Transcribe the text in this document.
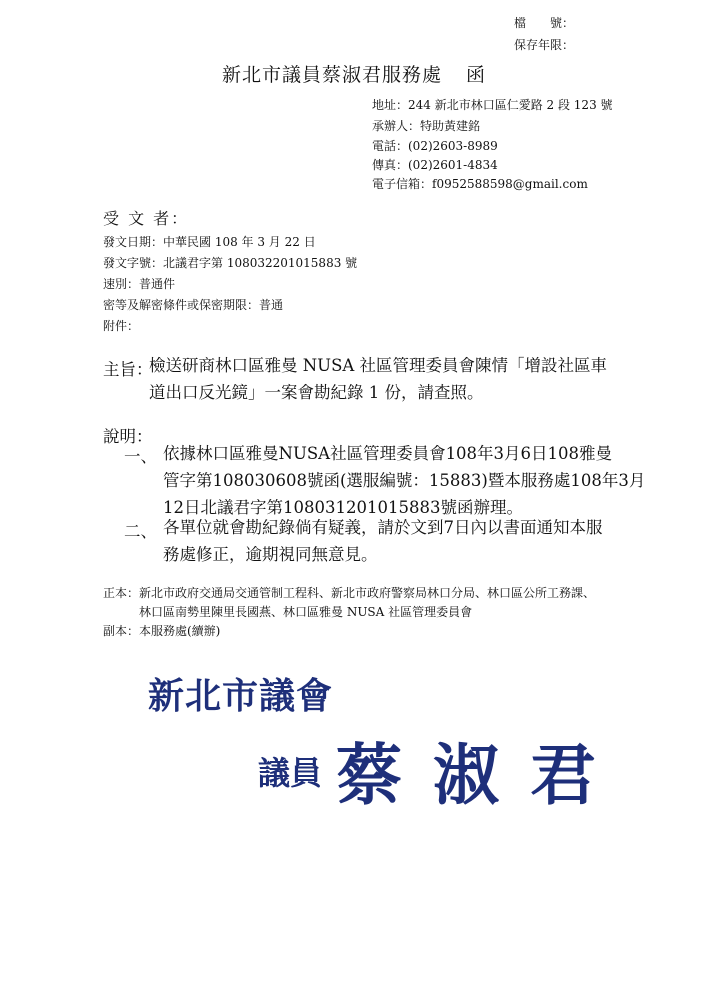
檔　　號：
保存年限：
新北市議員蔡淑君服務處 函
地址：244 新北市林口區仁愛路 2 段 123 號
承辦人：特助黃建銘
電話：(02)2603-8989
傳真：(02)2601-4834
電子信箱：f0952588598@gmail.com
受 文 者：
發文日期：中華民國 108 年 3 月 22 日
發文字號：北議君字第 108032201015883 號
速別：普通件
密等及解密條件或保密期限：普通
附件：
主旨：
檢送研商林口區雅曼 NUSA 社區管理委員會陳情「增設社區車
道出口反光鏡」一案會勘紀錄 1 份，請查照。
說明：
一、 依據林口區雅曼NUSA社區管理委員會108年3月6日108雅曼
管字第108030608號函(選服編號：15883)暨本服務處108年3月
12日北議君字第108031201015883號函辦理。
二、 各單位就會勘紀錄倘有疑義，請於文到7日內以書面通知本服
務處修正，逾期視同無意見。
正本： 新北市政府交通局交通管制工程科、新北市政府警察局林口分局、林口區公所工務課、
林口區南勢里陳里長國燕、林口區雅曼 NUSA 社區管理委員會
副本： 本服務處(續辦)
新北市議會
議員 蔡 淑 君
